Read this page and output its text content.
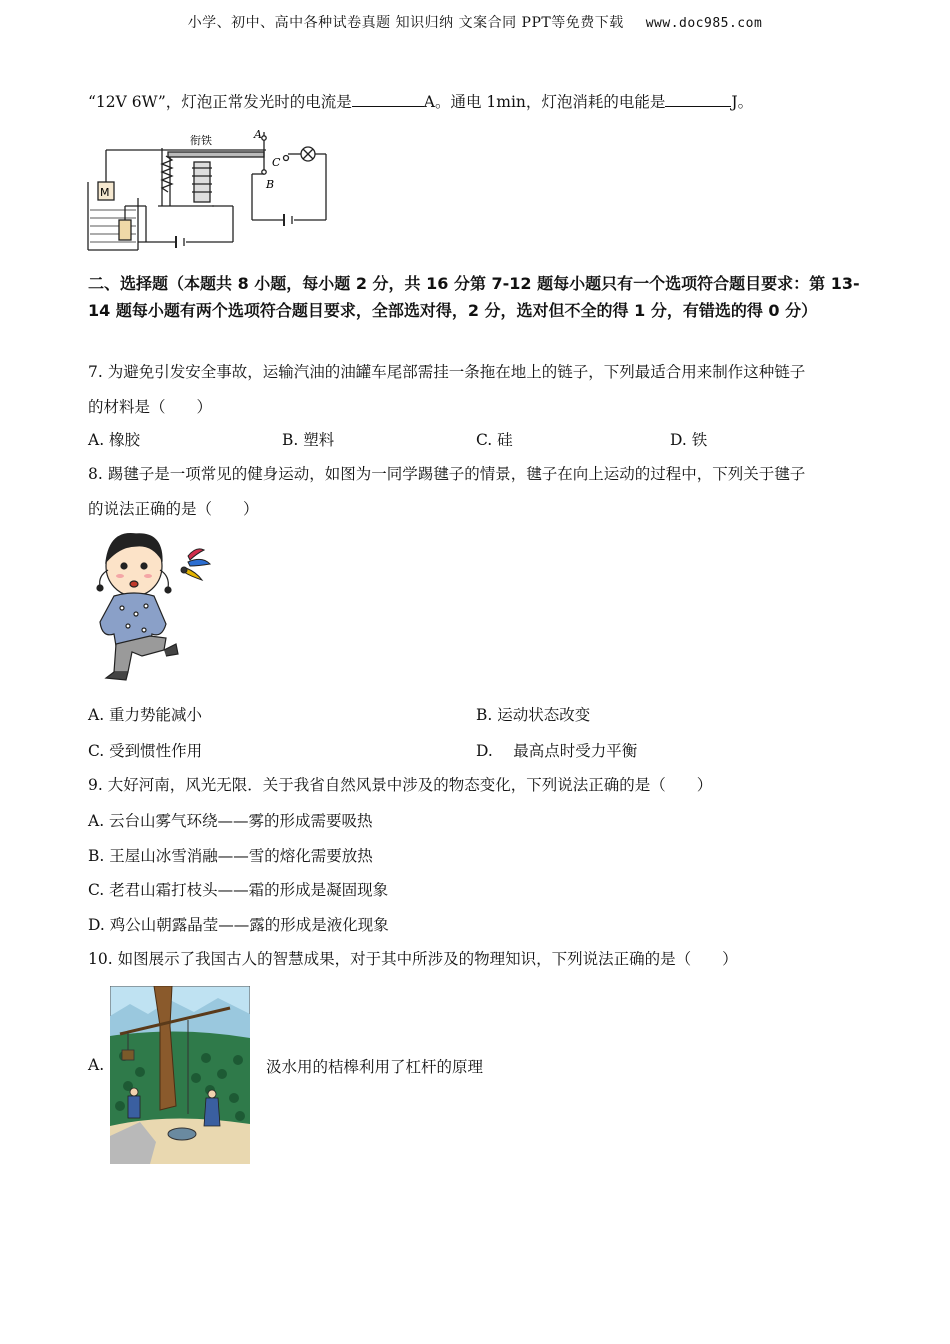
小学、初中、高中各种试卷真题 知识归纳 文案合同 PPT等免费下载 www.doc985.com
“12V 6W”，灯泡正常发光时的电流是	A。通电 1min，灯泡消耗的电能是	J。
衔铁	A
C
B
M
二、选择题（本题共 8 小题，每小题 2 分，共 16 分第 7-12 题每小题只有一个选项符合题目要求：第 13-14 题每小题有两个选项符合题目要求，全部选对得，2 分，选对但不全的得 1 分，有错选的得 0 分）
7. 为避免引发安全事故，运输汽油的油罐车尾部需挂一条拖在地上的链子，下列最适合用来制作这种链子
的材料是（　　）
A. 橡胶	B. 塑料	C. 硅	D. 铁
8. 踢毽子是一项常见的健身运动，如图为一同学踢毽子的情景，毽子在向上运动的过程中，下列关于毽子
的说法正确的是（　　）
A. 重力势能减小	B. 运动状态改变
C. 受到惯性作用	D.　 最高点时受力平衡
9. 大好河南，风光无限．关于我省自然风景中涉及的物态变化，下列说法正确的是（　　）
A. 云台山雾气环绕——雾的形成需要吸热
B. 王屋山冰雪消融——雪的熔化需要放热
C. 老君山霜打枝头——霜的形成是凝固现象
D. 鸡公山朝露晶莹——露的形成是液化现象
10. 如图展示了我国古人的智慧成果，对于其中所涉及的物理知识，下列说法正确的是（　　）
A.	汲水用的桔槔利用了杠杆的原理
